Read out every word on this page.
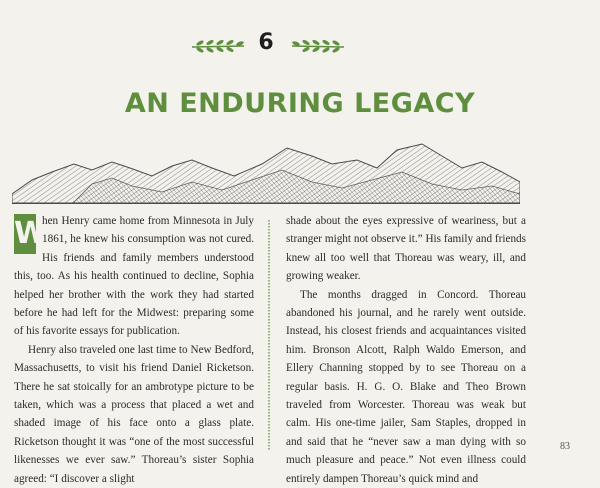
6
AN ENDURING LEGACY

W
hen Henry came home from Minnesota in July 1861, he knew his consumption was not cured. His friends and family members understood this, too. As his health continued to decline, Sophia helped her brother with the work they had started before he had left for the Midwest: preparing some of his favorite essays for publication.

Henry also traveled one last time to New Bedford, Massachusetts, to visit his friend Daniel Ricketson. There he sat stoically for an ambrotype picture to be taken, which was a process that placed a wet and shaded image of his face onto a glass plate. Ricketson thought it was “one of the most successful likenesses we ever saw.” Thoreau’s sister Sophia agreed: “I discover a slight

shade about the eyes expressive of weariness, but a stranger might not observe it.” His family and friends knew all too well that Thoreau was weary, ill, and growing weaker.

The months dragged in Concord. Thoreau abandoned his journal, and he rarely went outside. Instead, his closest friends and acquaintances visited him. Bronson Alcott, Ralph Waldo Emerson, and Ellery Channing stopped by to see Thoreau on a regular basis. H. G. O. Blake and Theo Brown traveled from Worcester. Thoreau was weak but calm. His one-time jailer, Sam Staples, dropped in and said that he “never saw a man dying with so much pleasure and peace.” Not even illness could entirely dampen Thoreau’s quick mind and

83
